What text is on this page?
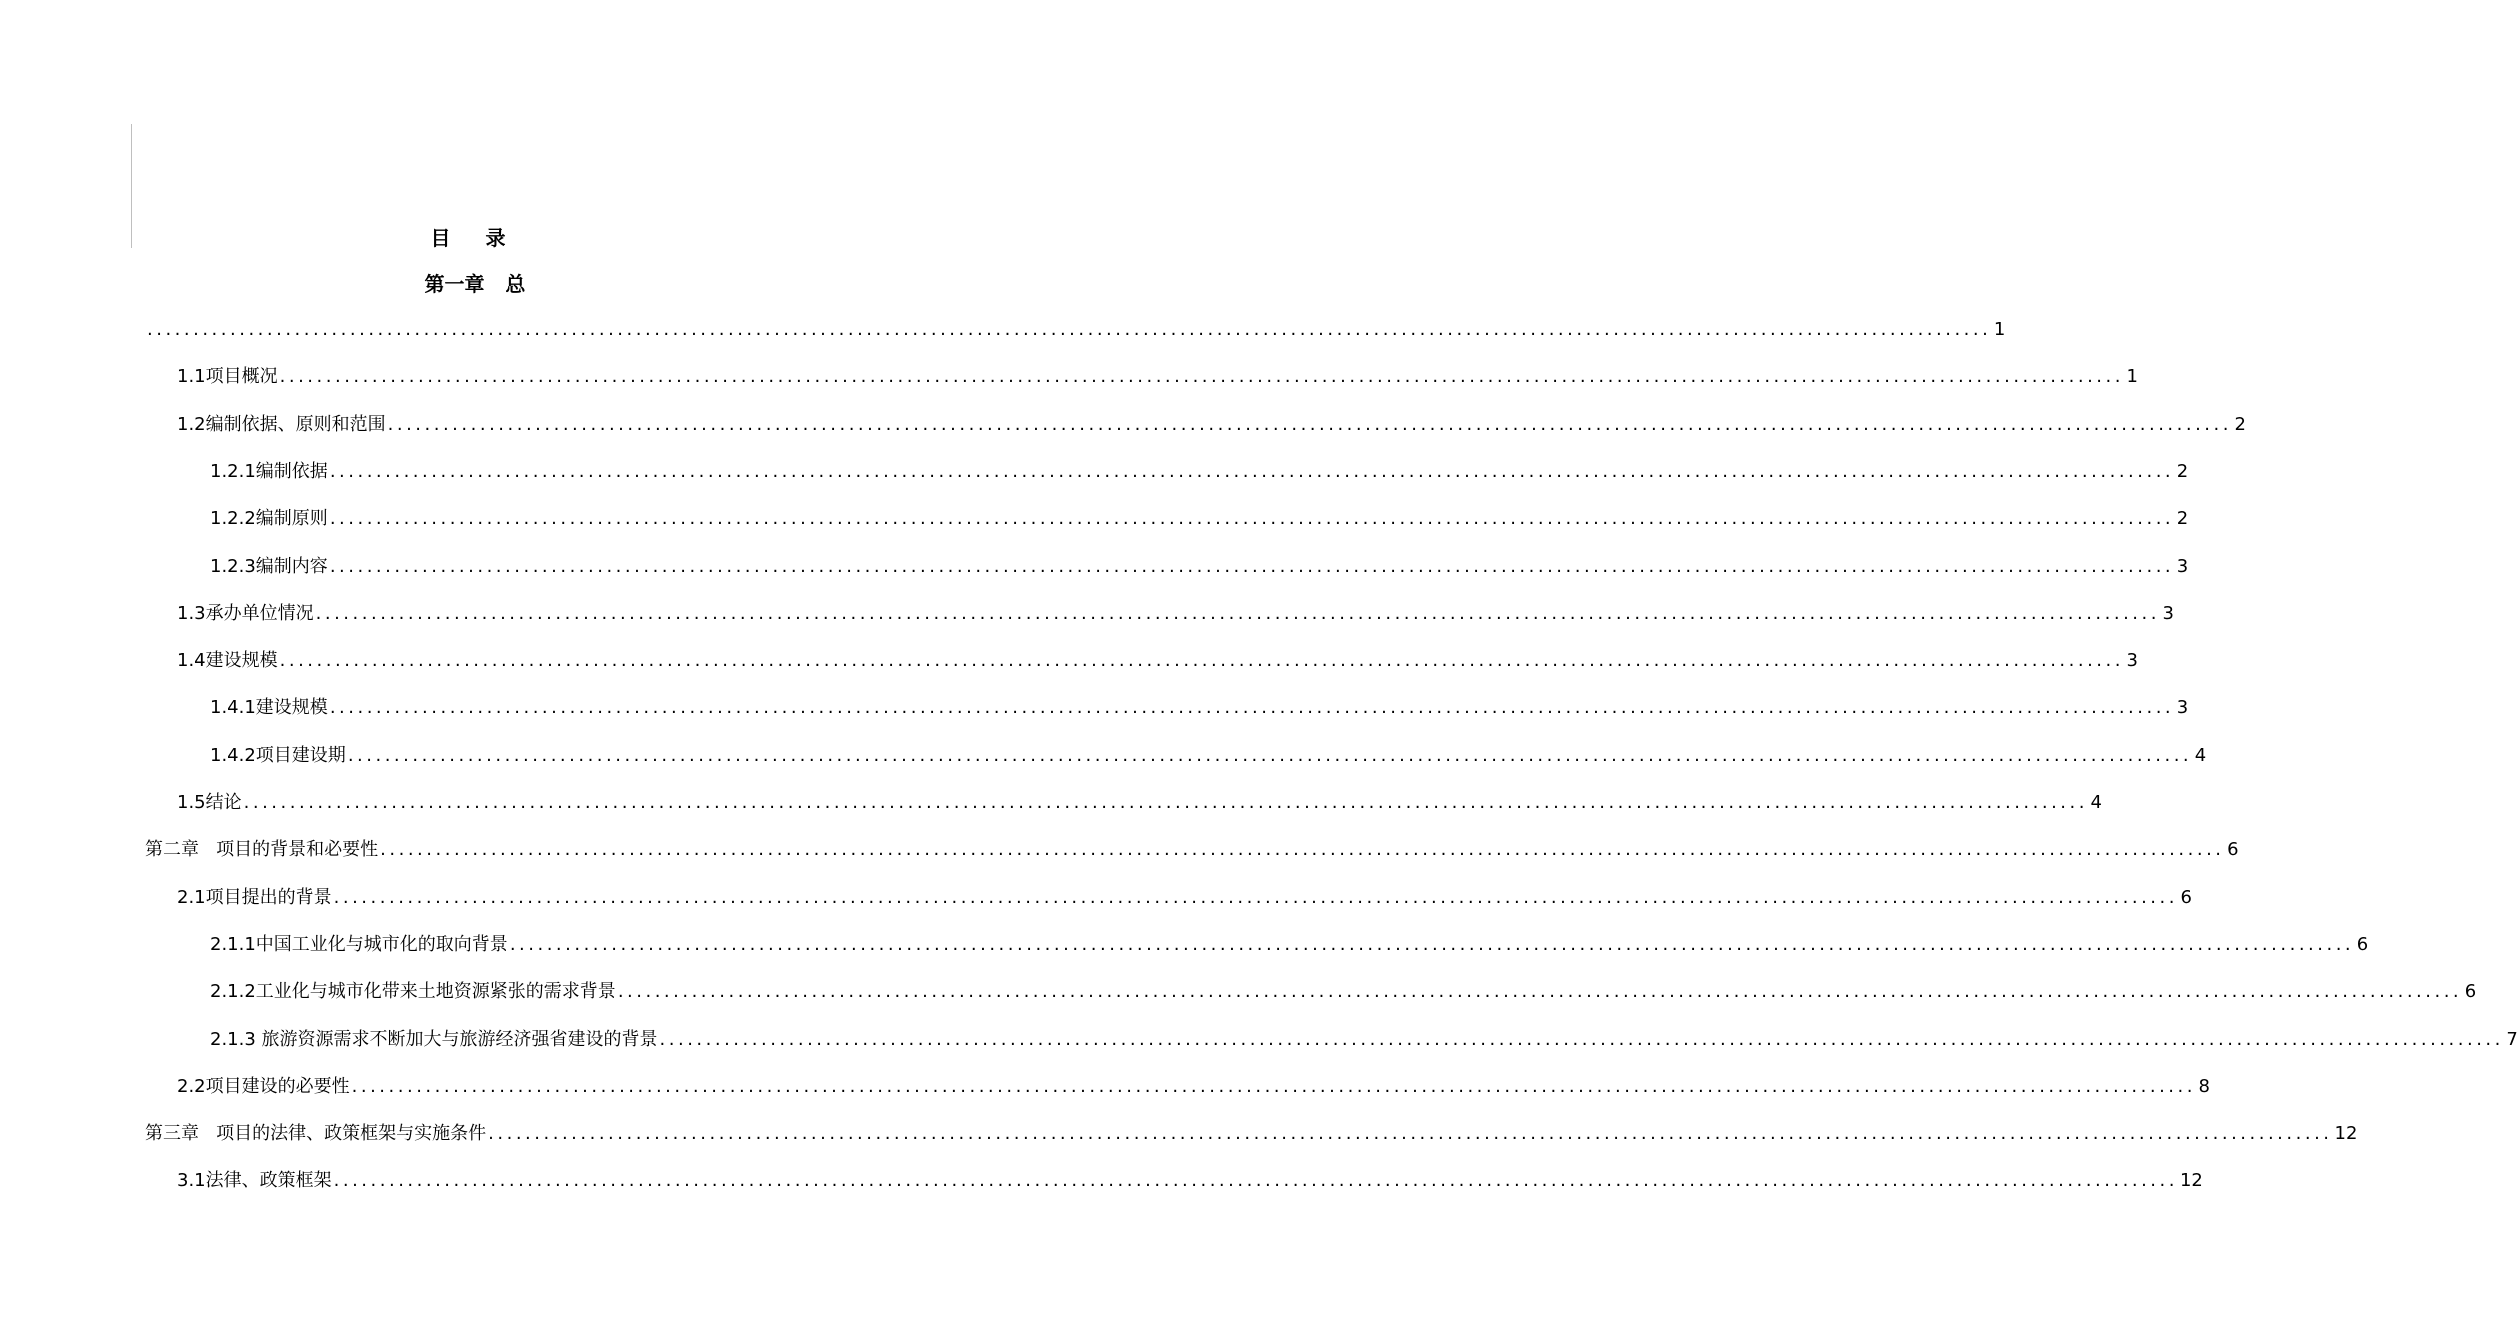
目 录
第一章   总
........................................................................................................................................................................................................ 1
1.1项目概况 ........................................................................................................................................................................................................ 1
1.2编制依据、原则和范围 ........................................................................................................................................................................................................ 2
1.2.1编制依据 ........................................................................................................................................................................................................ 2
1.2.2编制原则 ........................................................................................................................................................................................................ 2
1.2.3编制内容 ........................................................................................................................................................................................................ 3
1.3承办单位情况 ........................................................................................................................................................................................................ 3
1.4建设规模 ........................................................................................................................................................................................................ 3
1.4.1建设规模 ........................................................................................................................................................................................................ 3
1.4.2项目建设期 ........................................................................................................................................................................................................ 4
1.5结论 ........................................................................................................................................................................................................ 4
第二章   项目的背景和必要性 ........................................................................................................................................................................................................ 6
2.1项目提出的背景 ........................................................................................................................................................................................................ 6
2.1.1中国工业化与城市化的取向背景 ........................................................................................................................................................................................................ 6
2.1.2工业化与城市化带来土地资源紧张的需求背景 ........................................................................................................................................................................................................ 6
2.1.3 旅游资源需求不断加大与旅游经济强省建设的背景 ........................................................................................................................................................................................................ 7
2.2项目建设的必要性 ........................................................................................................................................................................................................ 8
第三章   项目的法律、政策框架与实施条件 ........................................................................................................................................................................................................ 12
3.1法律、政策框架 ........................................................................................................................................................................................................ 12
